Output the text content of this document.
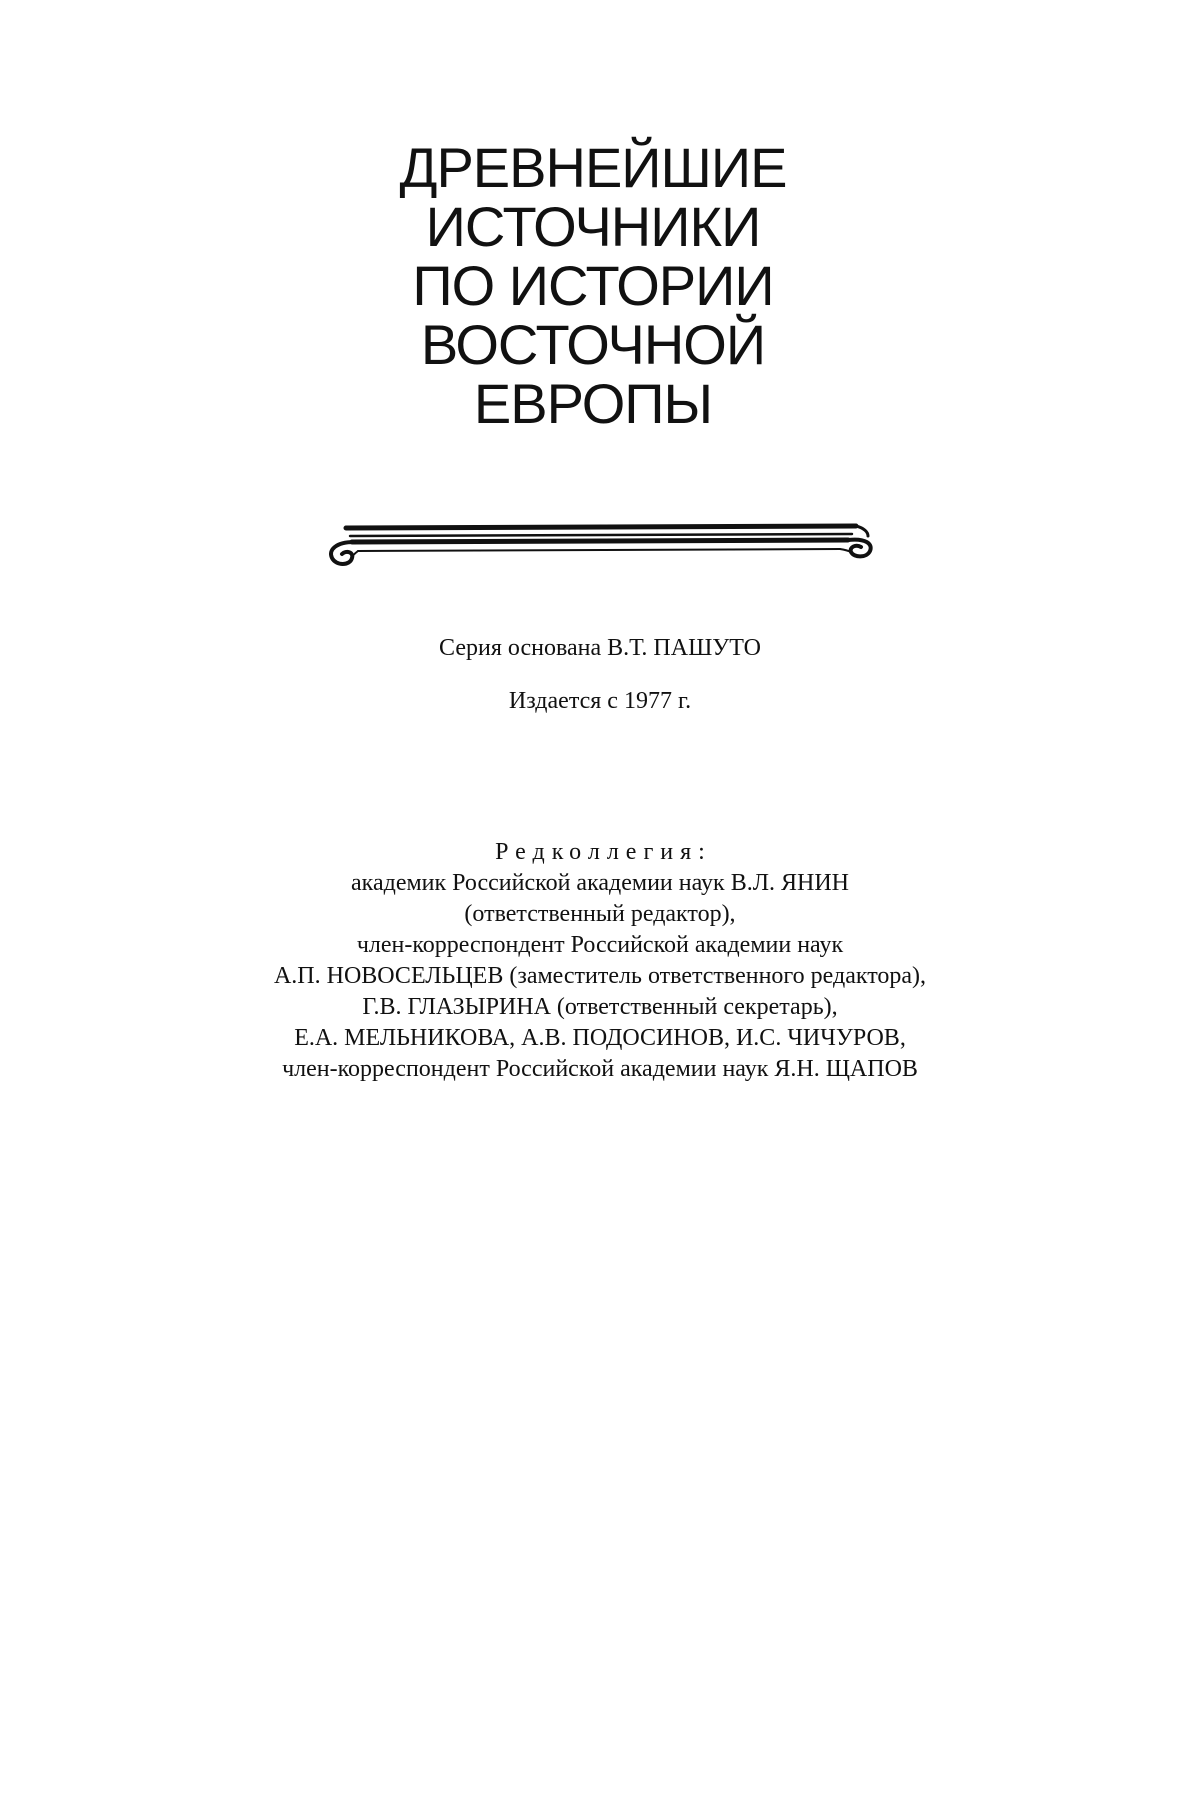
ДРЕВНЕЙШИЕ
ИСТОЧНИКИ
ПО ИСТОРИИ
ВОСТОЧНОЙ
ЕВРОПЫ
Серия основана В.Т. ПАШУТО
Издается с 1977 г.
Редколлегия:
академик Российской академии наук В.Л. ЯНИН
(ответственный редактор),
член-корреспондент Российской академии наук
А.П. НОВОСЕЛЬЦЕВ (заместитель ответственного редактора),
Г.В. ГЛАЗЫРИНА (ответственный секретарь),
Е.А. МЕЛЬНИКОВА, А.В. ПОДОСИНОВ, И.С. ЧИЧУРОВ,
член-корреспондент Российской академии наук Я.Н. ЩАПОВ
